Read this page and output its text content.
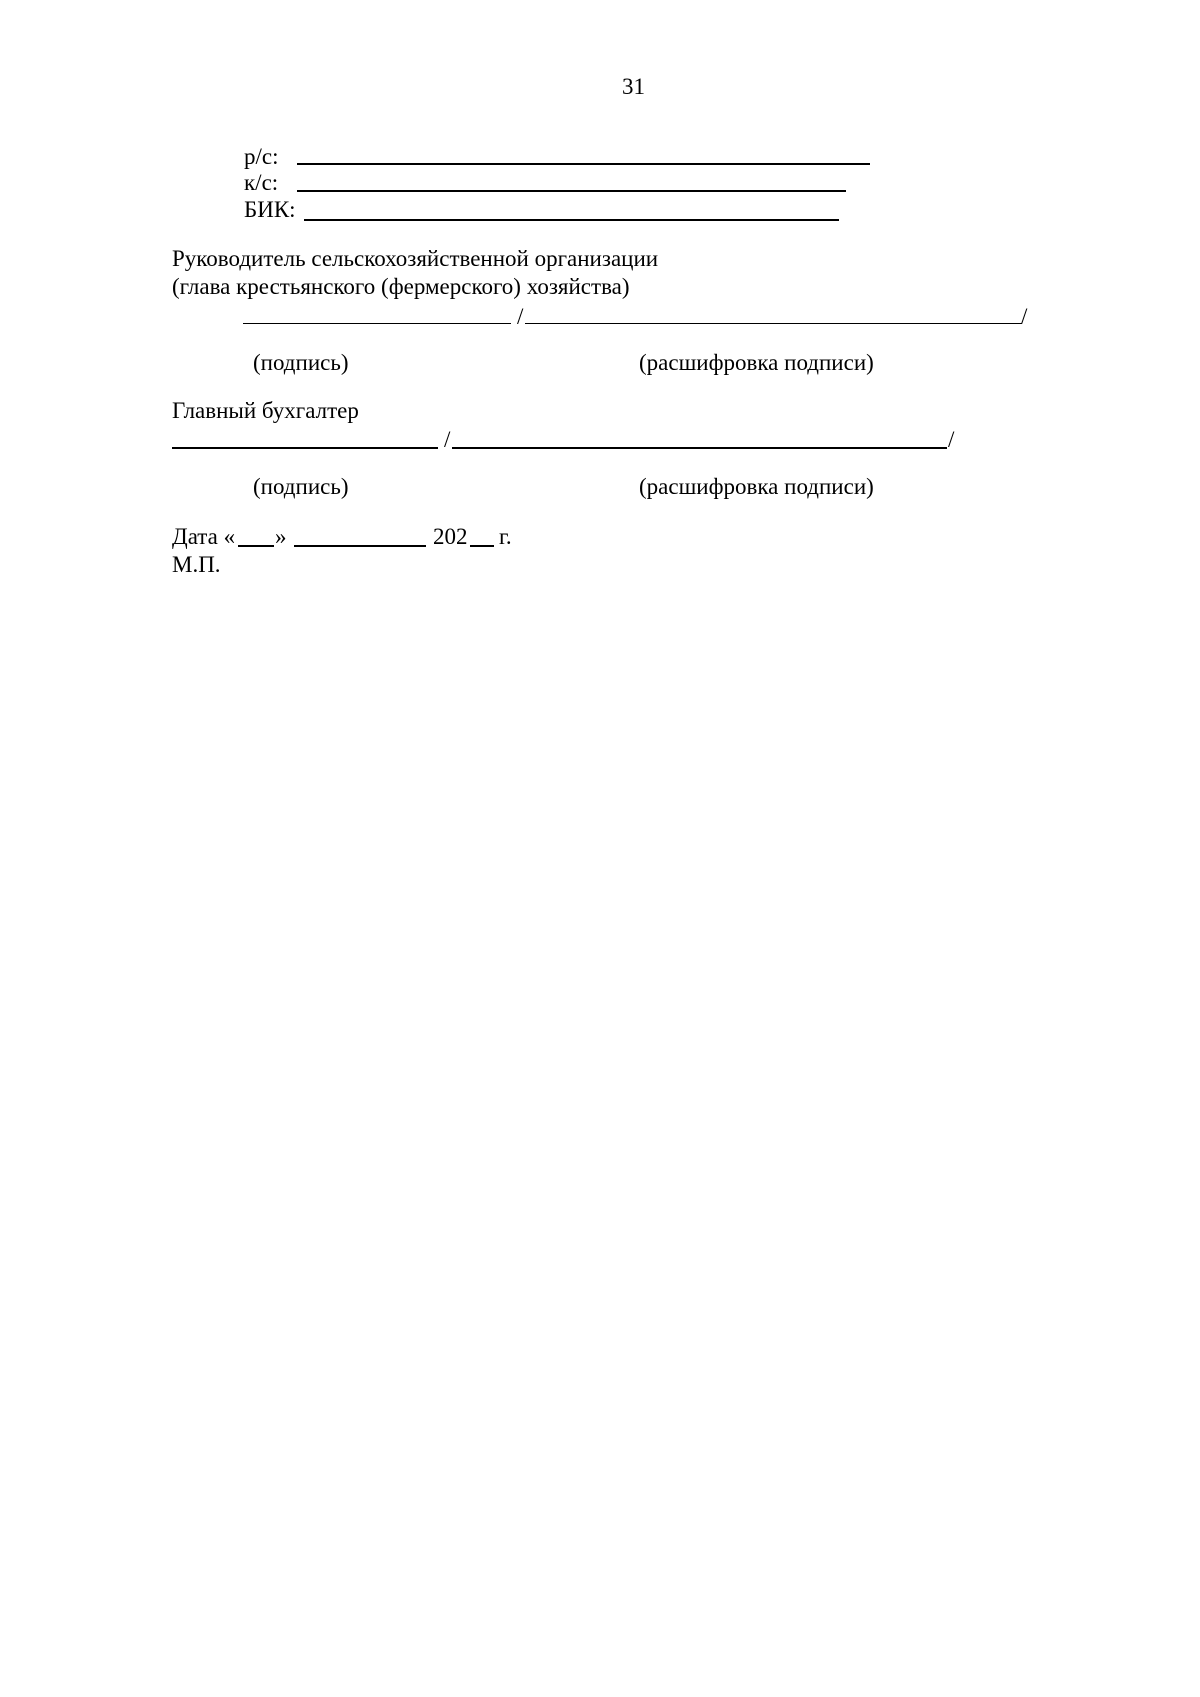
31
р/с:
к/с:
БИК:
Руководитель сельскохозяйственной организации
(глава крестьянского (фермерского) хозяйства)
/	/
(подпись)	(расшифровка подписи)
Главный бухгалтер
/	/
(подпись)	(расшифровка подписи)
Дата « »	202 г.
М.П.
